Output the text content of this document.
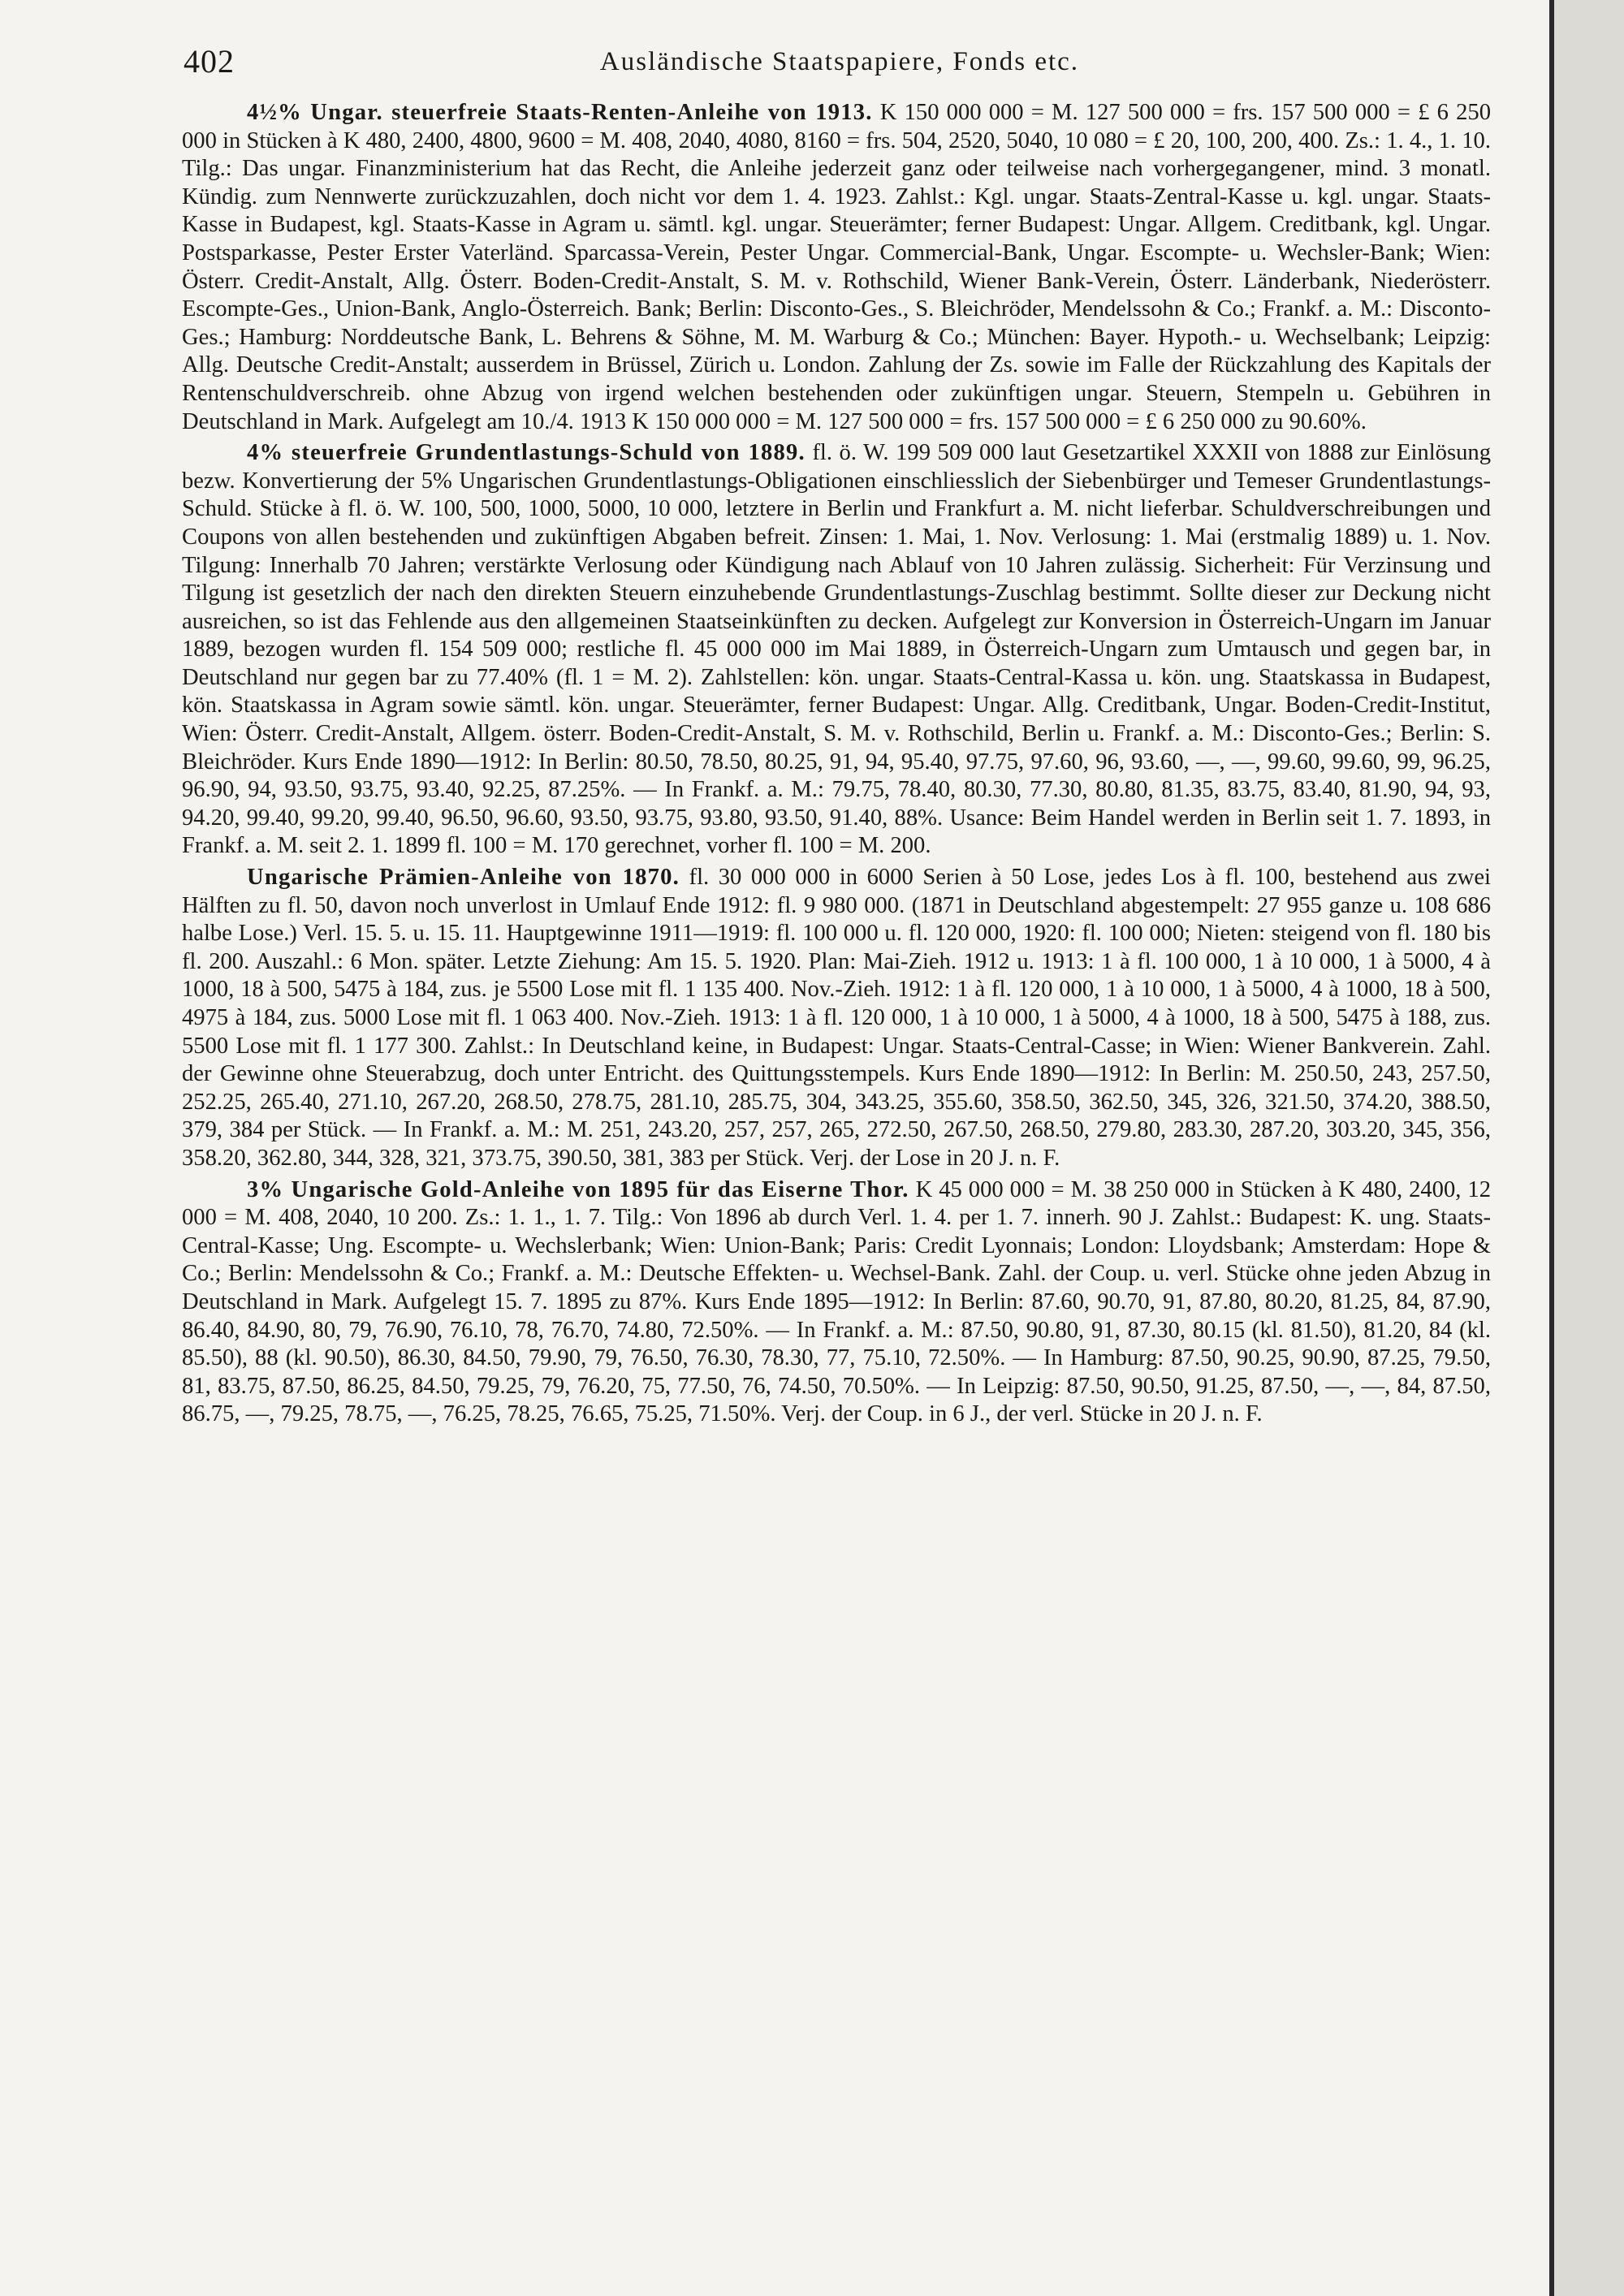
402	Ausländische Staatspapiere, Fonds etc.

4½% Ungar. steuerfreie Staats-Renten-Anleihe von 1913. K 150 000 000 = M. 127 500 000 = frs. 157 500 000 = £ 6 250 000 in Stücken à K 480, 2400, 4800, 9600 = M. 408, 2040, 4080, 8160 = frs. 504, 2520, 5040, 10 080 = £ 20, 100, 200, 400. Zs.: 1. 4., 1. 10. Tilg.: Das ungar. Finanzministerium hat das Recht, die Anleihe jederzeit ganz oder teilweise nach vorhergegangener, mind. 3 monatl. Kündig. zum Nennwerte zurückzuzahlen, doch nicht vor dem 1. 4. 1923. Zahlst.: Kgl. ungar. Staats-Zentral-Kasse u. kgl. ungar. Staats-Kasse in Budapest, kgl. Staats-Kasse in Agram u. sämtl. kgl. ungar. Steuerämter; ferner Budapest: Ungar. Allgem. Creditbank, kgl. Ungar. Postsparkasse, Pester Erster Vaterländ. Sparcassa-Verein, Pester Ungar. Commercial-Bank, Ungar. Escompte- u. Wechsler-Bank; Wien: Österr. Credit-Anstalt, Allg. Österr. Boden-Credit-Anstalt, S. M. v. Rothschild, Wiener Bank-Verein, Österr. Länderbank, Niederösterr. Escompte-Ges., Union-Bank, Anglo-Österreich. Bank; Berlin: Disconto-Ges., S. Bleichröder, Mendelssohn & Co.; Frankf. a. M.: Disconto-Ges.; Hamburg: Norddeutsche Bank, L. Behrens & Söhne, M. M. Warburg & Co.; München: Bayer. Hypoth.- u. Wechselbank; Leipzig: Allg. Deutsche Credit-Anstalt; ausserdem in Brüssel, Zürich u. London. Zahlung der Zs. sowie im Falle der Rückzahlung des Kapitals der Rentenschuldverschreib. ohne Abzug von irgend welchen bestehenden oder zukünftigen ungar. Steuern, Stempeln u. Gebühren in Deutschland in Mark. Aufgelegt am 10./4. 1913 K 150 000 000 = M. 127 500 000 = frs. 157 500 000 = £ 6 250 000 zu 90.60%.

4% steuerfreie Grundentlastungs-Schuld von 1889. fl. ö. W. 199 509 000 laut Gesetzartikel XXXII von 1888 zur Einlösung bezw. Konvertierung der 5% Ungarischen Grundentlastungs-Obligationen einschliesslich der Siebenbürger und Temeser Grundentlastungs-Schuld. Stücke à fl. ö. W. 100, 500, 1000, 5000, 10 000, letztere in Berlin und Frankfurt a. M. nicht lieferbar. Schuldverschreibungen und Coupons von allen bestehenden und zukünftigen Abgaben befreit. Zinsen: 1. Mai, 1. Nov. Verlosung: 1. Mai (erstmalig 1889) u. 1. Nov. Tilgung: Innerhalb 70 Jahren; verstärkte Verlosung oder Kündigung nach Ablauf von 10 Jahren zulässig. Sicherheit: Für Verzinsung und Tilgung ist gesetzlich der nach den direkten Steuern einzuhebende Grundentlastungs-Zuschlag bestimmt. Sollte dieser zur Deckung nicht ausreichen, so ist das Fehlende aus den allgemeinen Staatseinkünften zu decken. Aufgelegt zur Konversion in Österreich-Ungarn im Januar 1889, bezogen wurden fl. 154 509 000; restliche fl. 45 000 000 im Mai 1889, in Österreich-Ungarn zum Umtausch und gegen bar, in Deutschland nur gegen bar zu 77.40% (fl. 1 = M. 2). Zahlstellen: kön. ungar. Staats-Central-Kassa u. kön. ung. Staatskassa in Budapest, kön. Staatskassa in Agram sowie sämtl. kön. ungar. Steuerämter, ferner Budapest: Ungar. Allg. Creditbank, Ungar. Boden-Credit-Institut, Wien: Österr. Credit-Anstalt, Allgem. österr. Boden-Credit-Anstalt, S. M. v. Rothschild, Berlin u. Frankf. a. M.: Disconto-Ges.; Berlin: S. Bleichröder. Kurs Ende 1890—1912: In Berlin: 80.50, 78.50, 80.25, 91, 94, 95.40, 97.75, 97.60, 96, 93.60, —, —, 99.60, 99.60, 99, 96.25, 96.90, 94, 93.50, 93.75, 93.40, 92.25, 87.25%. — In Frankf. a. M.: 79.75, 78.40, 80.30, 77.30, 80.80, 81.35, 83.75, 83.40, 81.90, 94, 93, 94.20, 99.40, 99.20, 99.40, 96.50, 96.60, 93.50, 93.75, 93.80, 93.50, 91.40, 88%. Usance: Beim Handel werden in Berlin seit 1. 7. 1893, in Frankf. a. M. seit 2. 1. 1899 fl. 100 = M. 170 gerechnet, vorher fl. 100 = M. 200.

Ungarische Prämien-Anleihe von 1870. fl. 30 000 000 in 6000 Serien à 50 Lose, jedes Los à fl. 100, bestehend aus zwei Hälften zu fl. 50, davon noch unverlost in Umlauf Ende 1912: fl. 9 980 000. (1871 in Deutschland abgestempelt: 27 955 ganze u. 108 686 halbe Lose.) Verl. 15. 5. u. 15. 11. Hauptgewinne 1911—1919: fl. 100 000 u. fl. 120 000, 1920: fl. 100 000; Nieten: steigend von fl. 180 bis fl. 200. Auszahl.: 6 Mon. später. Letzte Ziehung: Am 15. 5. 1920. Plan: Mai-Zieh. 1912 u. 1913: 1 à fl. 100 000, 1 à 10 000, 1 à 5000, 4 à 1000, 18 à 500, 5475 à 184, zus. je 5500 Lose mit fl. 1 135 400. Nov.-Zieh. 1912: 1 à fl. 120 000, 1 à 10 000, 1 à 5000, 4 à 1000, 18 à 500, 4975 à 184, zus. 5000 Lose mit fl. 1 063 400. Nov.-Zieh. 1913: 1 à fl. 120 000, 1 à 10 000, 1 à 5000, 4 à 1000, 18 à 500, 5475 à 188, zus. 5500 Lose mit fl. 1 177 300. Zahlst.: In Deutschland keine, in Budapest: Ungar. Staats-Central-Casse; in Wien: Wiener Bankverein. Zahl. der Gewinne ohne Steuerabzug, doch unter Entricht. des Quittungsstempels. Kurs Ende 1890—1912: In Berlin: M. 250.50, 243, 257.50, 252.25, 265.40, 271.10, 267.20, 268.50, 278.75, 281.10, 285.75, 304, 343.25, 355.60, 358.50, 362.50, 345, 326, 321.50, 374.20, 388.50, 379, 384 per Stück. — In Frankf. a. M.: M. 251, 243.20, 257, 257, 265, 272.50, 267.50, 268.50, 279.80, 283.30, 287.20, 303.20, 345, 356, 358.20, 362.80, 344, 328, 321, 373.75, 390.50, 381, 383 per Stück. Verj. der Lose in 20 J. n. F.

3% Ungarische Gold-Anleihe von 1895 für das Eiserne Thor. K 45 000 000 = M. 38 250 000 in Stücken à K 480, 2400, 12 000 = M. 408, 2040, 10 200. Zs.: 1. 1., 1. 7. Tilg.: Von 1896 ab durch Verl. 1. 4. per 1. 7. innerh. 90 J. Zahlst.: Budapest: K. ung. Staats-Central-Kasse; Ung. Escompte- u. Wechslerbank; Wien: Union-Bank; Paris: Credit Lyonnais; London: Lloydsbank; Amsterdam: Hope & Co.; Berlin: Mendelssohn & Co.; Frankf. a. M.: Deutsche Effekten- u. Wechsel-Bank. Zahl. der Coup. u. verl. Stücke ohne jeden Abzug in Deutschland in Mark. Aufgelegt 15. 7. 1895 zu 87%. Kurs Ende 1895—1912: In Berlin: 87.60, 90.70, 91, 87.80, 80.20, 81.25, 84, 87.90, 86.40, 84.90, 80, 79, 76.90, 76.10, 78, 76.70, 74.80, 72.50%. — In Frankf. a. M.: 87.50, 90.80, 91, 87.30, 80.15 (kl. 81.50), 81.20, 84 (kl. 85.50), 88 (kl. 90.50), 86.30, 84.50, 79.90, 79, 76.50, 76.30, 78.30, 77, 75.10, 72.50%. — In Hamburg: 87.50, 90.25, 90.90, 87.25, 79.50, 81, 83.75, 87.50, 86.25, 84.50, 79.25, 79, 76.20, 75, 77.50, 76, 74.50, 70.50%. — In Leipzig: 87.50, 90.50, 91.25, 87.50, —, —, 84, 87.50, 86.75, —, 79.25, 78.75, —, 76.25, 78.25, 76.65, 75.25, 71.50%. Verj. der Coup. in 6 J., der verl. Stücke in 20 J. n. F.
